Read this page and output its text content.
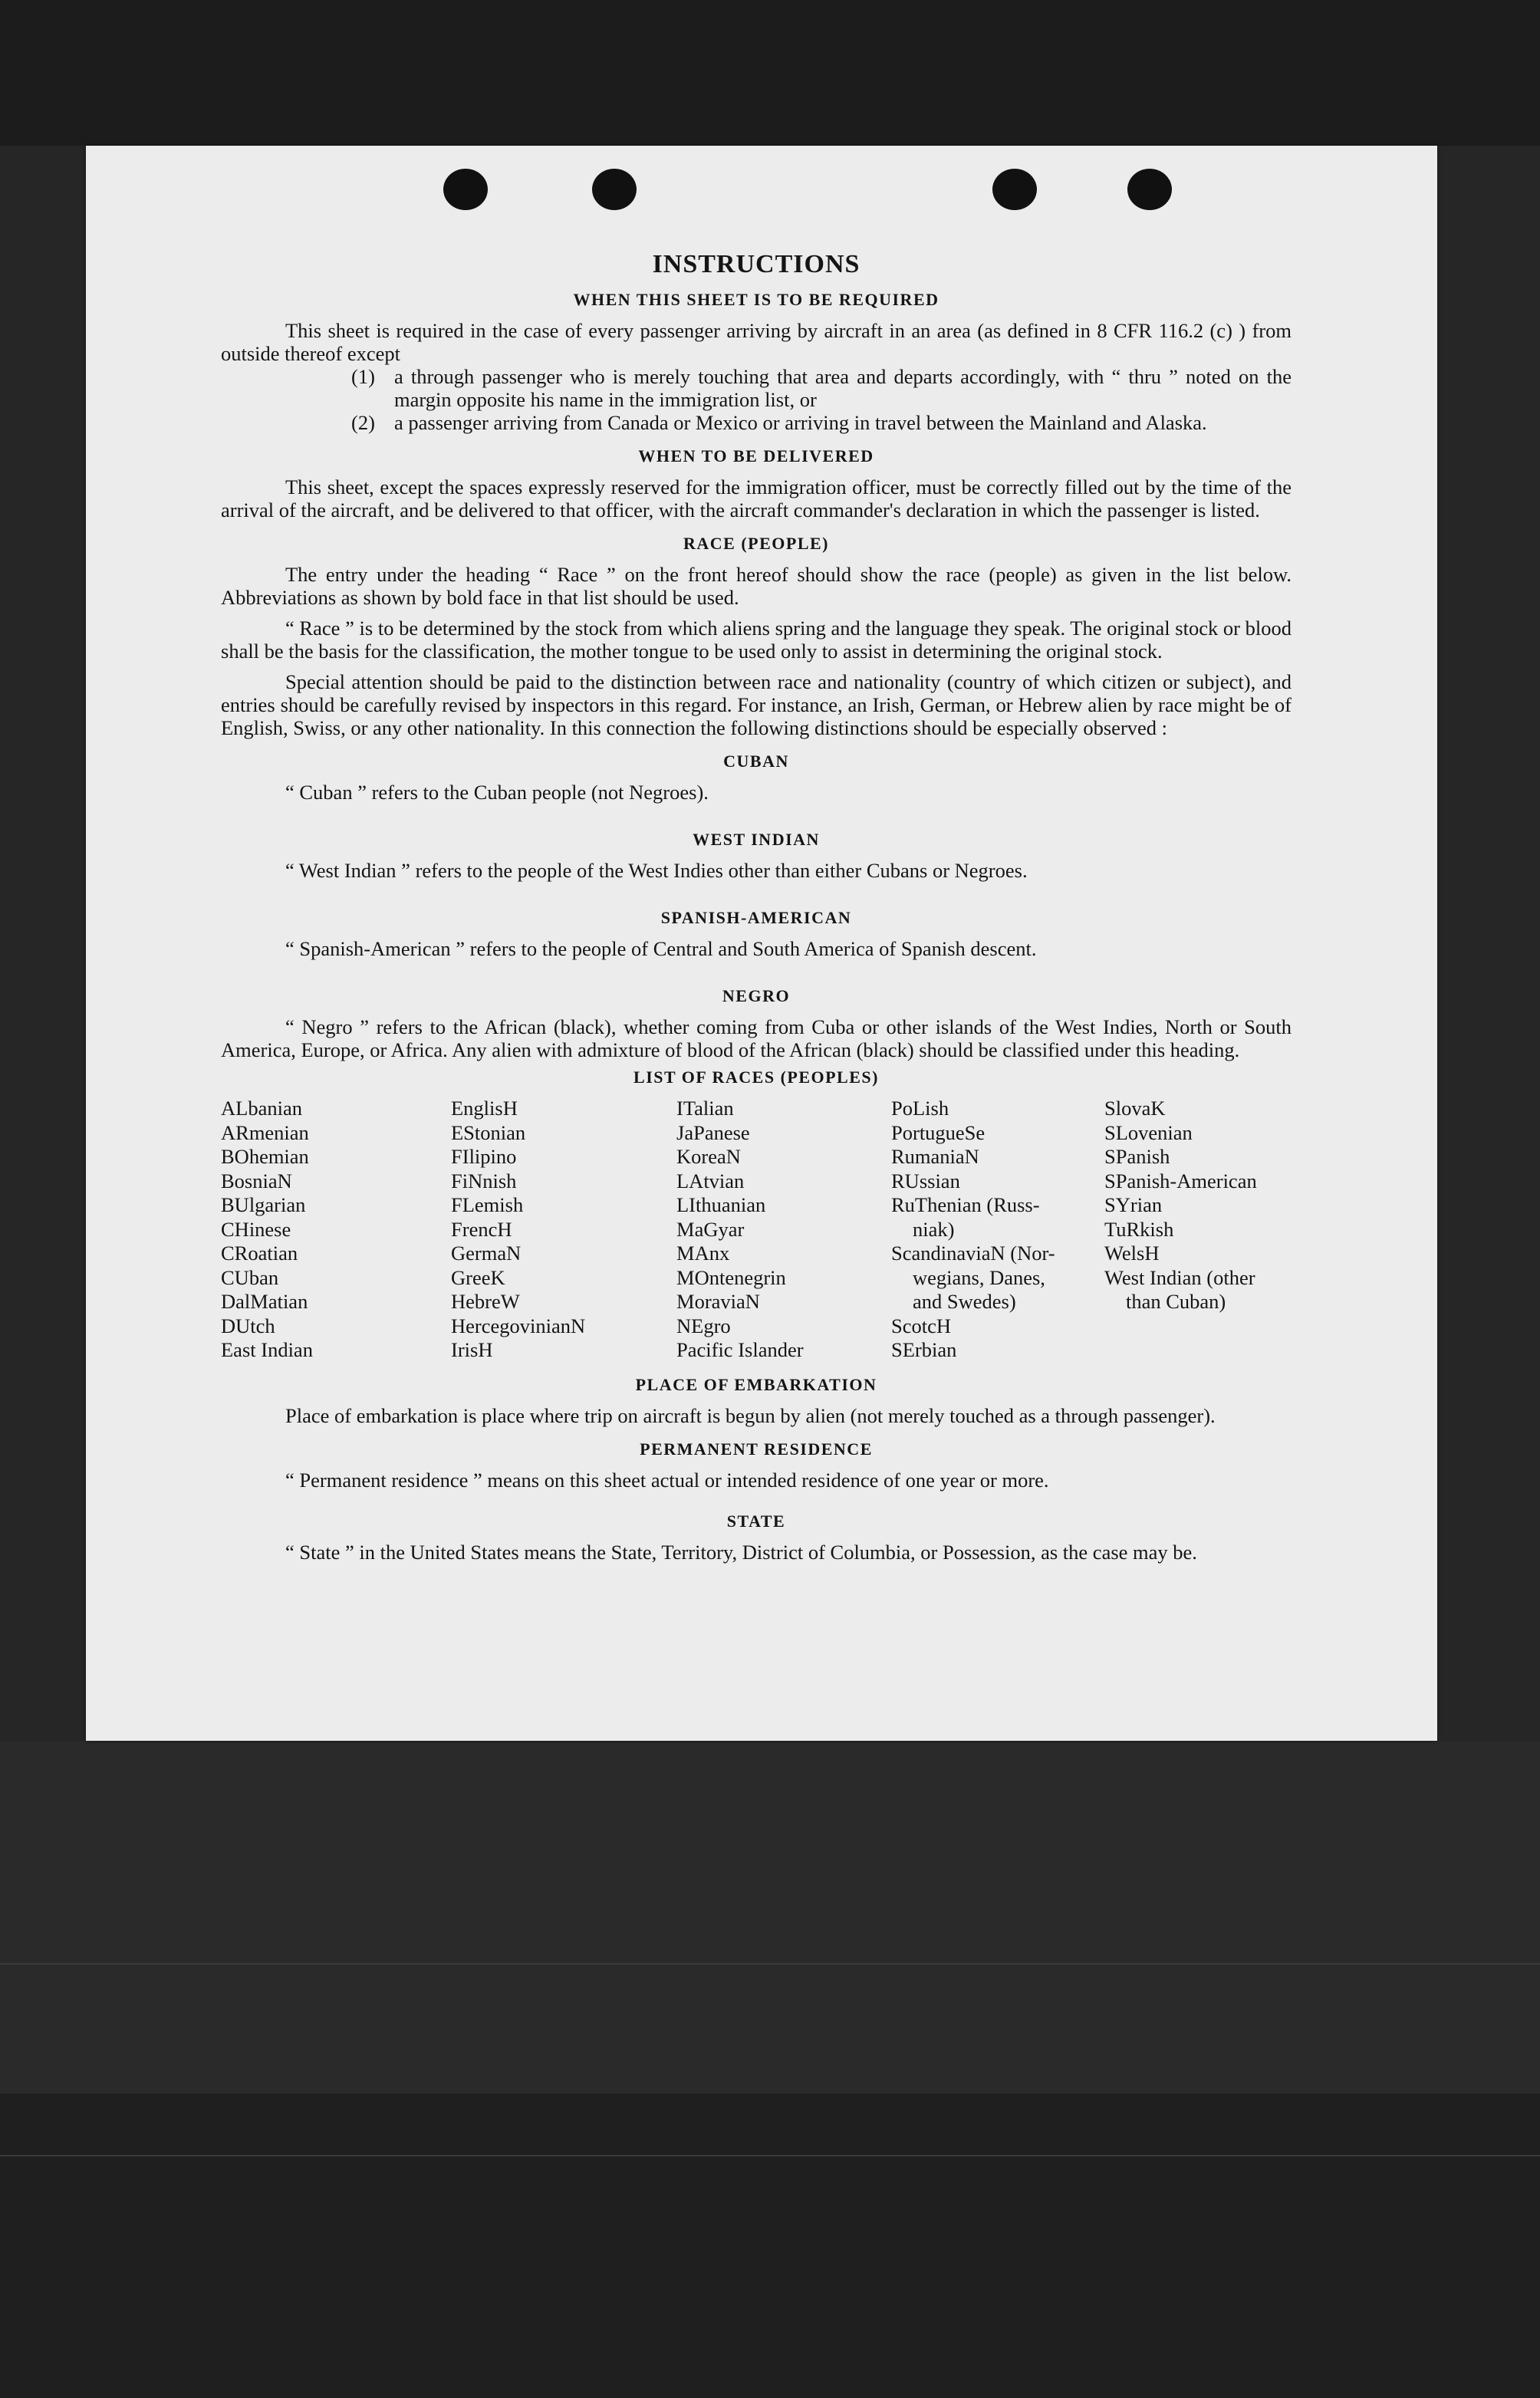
INSTRUCTIONS
WHEN THIS SHEET IS TO BE REQUIRED

This sheet is required in the case of every passenger arriving by aircraft in an area (as defined in 8 CFR 116.2 (c) ) from outside thereof except

(1) a through passenger who is merely touching that area and departs accordingly, with “ thru ” noted on the margin opposite his name in the immigration list, or
(2) a passenger arriving from Canada or Mexico or arriving in travel between the Mainland and Alaska.
WHEN TO BE DELIVERED

This sheet, except the spaces expressly reserved for the immigration officer, must be correctly filled out by the time of the arrival of the aircraft, and be delivered to that officer, with the aircraft commander's declaration in which the passenger is listed.

RACE (PEOPLE)

The entry under the heading “ Race ” on the front hereof should show the race (people) as given in the list below. Abbreviations as shown by bold face in that list should be used.

“ Race ” is to be determined by the stock from which aliens spring and the language they speak. The original stock or blood shall be the basis for the classification, the mother tongue to be used only to assist in determining the original stock.

Special attention should be paid to the distinction between race and nationality (country of which citizen or subject), and entries should be carefully revised by inspectors in this regard. For instance, an Irish, German, or Hebrew alien by race might be of English, Swiss, or any other nationality. In this connection the following distinctions should be especially observed :

CUBAN

“ Cuban ” refers to the Cuban people (not Negroes).

WEST INDIAN

“ West Indian ” refers to the people of the West Indies other than either Cubans or Negroes.

SPANISH-AMERICAN

“ Spanish-American ” refers to the people of Central and South America of Spanish descent.

NEGRO

“ Negro ” refers to the African (black), whether coming from Cuba or other islands of the West Indies, North or South America, Europe, or Africa. Any alien with admixture of blood of the African (black) should be classified under this heading.

LIST OF RACES (PEOPLES)
ALbanian
ARmenian
BOhemian
BosniaN
BUlgarian
CHinese
CRoatian
CUban
DalMatian
DUtch
East Indian
EnglisH
EStonian
FIlipino
FiNnish
FLemish
FrencH
GermaN
GreeK
HebreW
HercegovinianN
IrisH
ITalian
JaPanese
KoreaN
LAtvian
LIthuanian
MaGyar
MAnx
MOntenegrin
MoraviaN
NEgro
Pacific Islander
PoLish
PortugueSe
RumaniaN
RUssian
RuThenian (Russ-
niak)
ScandinaviaN (Nor-
wegians, Danes,
and Swedes)
ScotcH
SErbian
SlovaK
SLovenian
SPanish
SPanish-American
SYrian
TuRkish
WelsH
West Indian (other
than Cuban)
PLACE OF EMBARKATION

Place of embarkation is place where trip on aircraft is begun by alien (not merely touched as a through passenger).

PERMANENT RESIDENCE

“ Permanent residence ” means on this sheet actual or intended residence of one year or more.

STATE

“ State ” in the United States means the State, Territory, District of Columbia, or Possession, as the case may be.
